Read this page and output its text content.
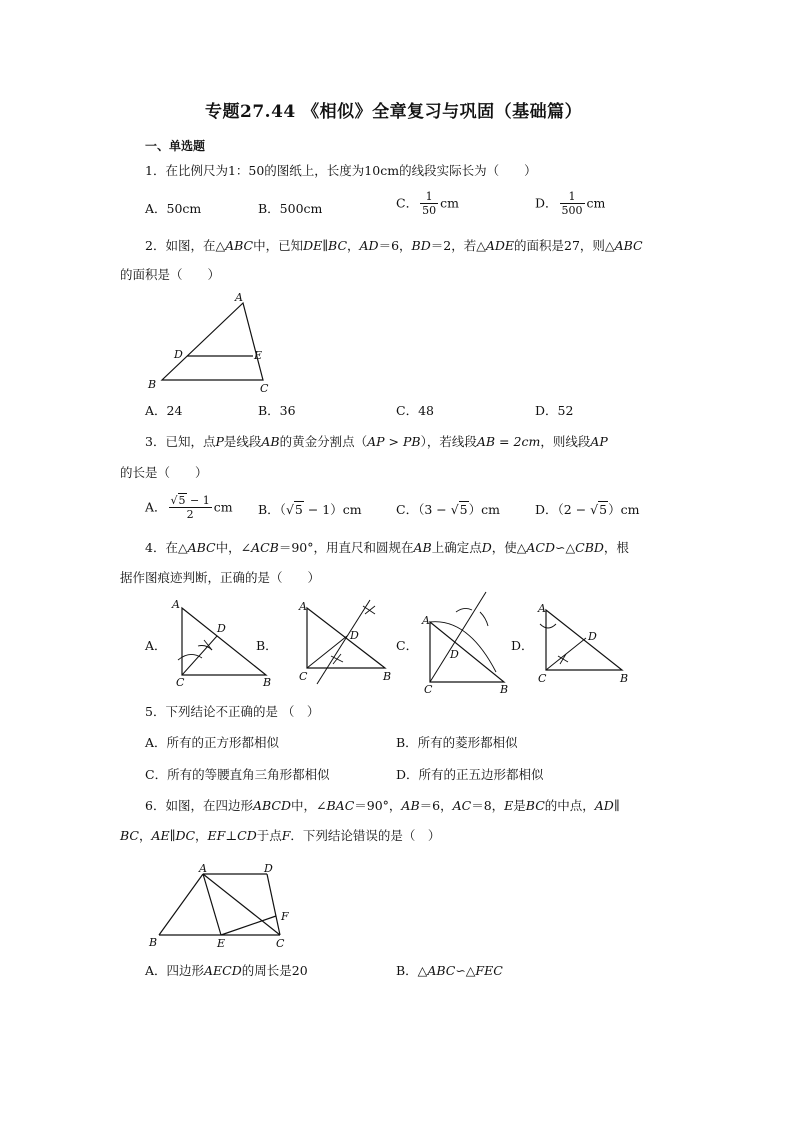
专题27.44 《相似》全章复习与巩固（基础篇）
一、单选题
1．在比例尺为1：50的图纸上，长度为10cm的线段实际长为（　　）
A．50cm	B．500cm	C． $\frac{1}{50}$ cm	D． $\frac{1}{500}$ cm
2．如图，在△ABC中，已知DE∥BC，AD＝6，BD＝2，若△ADE的面积是27，则△ABC
的面积是（　　）
A
D	E
B	C
A．24	B．36	C．48	D．52
3．已知，点P是线段AB的黄金分割点（AP > PB），若线段AB = 2cm，则线段AP
的长是（　　）
A． $\frac{√5 - 1}{2}$ cm B．（√5 − 1）cm	C．（3 − √5）cm	D．（2 − √5）cm
4．在△ABC中，∠ACB＝90°，用直尺和圆规在AB上确定点D，使△ACD∽△CBD，根
据作图痕迹判断，正确的是（　　）
A．
A
D
C	B
B．
A
D
C	B
C．
A
D
C	B
D．
A
D
C	B
5．下列结论不正确的是 （　）
A．所有的正方形都相似	B．所有的菱形都相似
C．所有的等腰直角三角形都相似	D．所有的正五边形都相似
6．如图，在四边形ABCD中，∠BAC＝90°，AB＝6，AC＝8，E是BC的中点，AD∥
BC，AE∥DC，EF⊥CD于点F．下列结论错误的是（　）
A	D
F
B	E	C
A．四边形AECD的周长是20	B．△ABC∽△FEC
